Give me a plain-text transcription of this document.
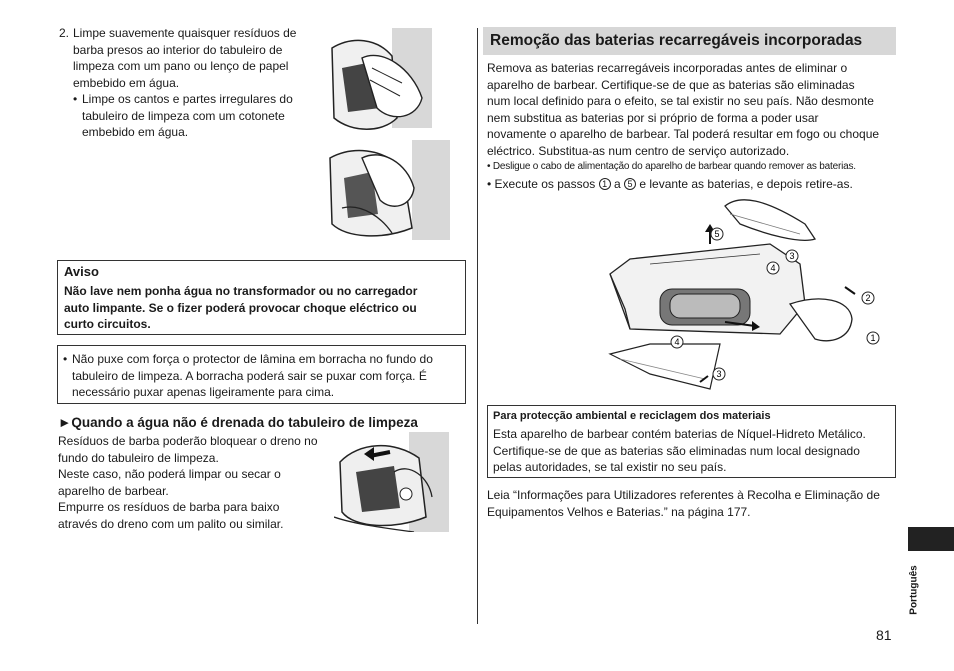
2. Limpe suavemente quaisquer resíduos de
barba presos ao interior do tabuleiro de
limpeza com um pano ou lenço de papel
embebido em água.
• Limpe os cantos e partes irregulares do
tabuleiro de limpeza com um cotonete
embebido em água.
Aviso
Não lave nem ponha água no transformador ou no carregador
auto limpante. Se o fizer poderá provocar choque eléctrico ou
curto circuitos.
• Não puxe com força o protector de lâmina em borracha no fundo do
tabuleiro de limpeza. A borracha poderá sair se puxar com força. É
necessário puxar apenas ligeiramente para cima.
►Quando a água não é drenada do tabuleiro de limpeza
Resíduos de barba poderão bloquear o dreno no
fundo do tabuleiro de limpeza.
Neste caso, não poderá limpar ou secar o
aparelho de barbear.
Empurre os resíduos de barba para baixo
através do dreno com um palito ou similar.
Remoção das baterias recarregáveis incorporadas
Remova as baterias recarregáveis incorporadas antes de eliminar o
aparelho de barbear. Certifique-se de que as baterias são eliminadas
num local definido para o efeito, se tal existir no seu país. Não desmonte
nem substitua as baterias por si próprio de forma a poder usar
novamente o aparelho de barbear. Tal poderá resultar em fogo ou choque
eléctrico. Substitua-as num centro de serviço autorizado.
• Desligue o cabo de alimentação do aparelho de barbear quando remover as baterias.
• Execute os passos 1 a 5 e levante as baterias, e depois retire-as.
1
2
3
3
4
4
5
Para protecção ambiental e reciclagem dos materiais
Esta aparelho de barbear contém baterias de Níquel-Hidreto Metálico.
Certifique-se de que as baterias são eliminadas num local designado
pelas autoridades, se tal existir no seu país.
Leia “Informações para Utilizadores referentes à Recolha e Eliminação de
Equipamentos Velhos e Baterias.” na página 177.
Português
81
